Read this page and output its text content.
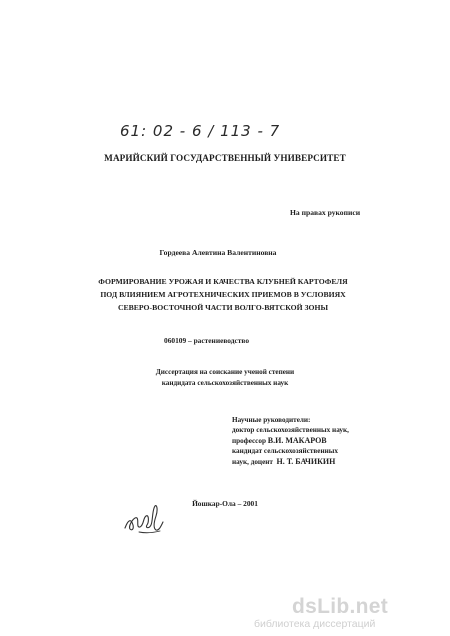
61: 02 - 6 / 113 - 7
МАРИЙСКИЙ ГОСУДАРСТВЕННЫЙ УНИВЕРСИТЕТ
На правах рукописи
Гордеева Алевтина Валентиновна
ФОРМИРОВАНИЕ УРОЖАЯ И КАЧЕСТВА КЛУБНЕЙ КАРТОФЕЛЯ
ПОД ВЛИЯНИЕМ АГРОТЕХНИЧЕСКИХ ПРИЕМОВ В УСЛОВИЯХ
СЕВЕРО-ВОСТОЧНОЙ ЧАСТИ ВОЛГО-ВЯТСКОЙ ЗОНЫ
060109 – растениеводство
Диссертация на соискание ученой степени
кандидата сельскохозяйственных наук
Научные руководители:
доктор сельскохозяйственных наук,
профессор В.И. МАКАРОВ
кандидат сельскохозяйственных
наук, доцент  Н. Т. БАЧИКИН
Йошкар-Ола – 2001
dsLib.net
библиотека диссертаций
